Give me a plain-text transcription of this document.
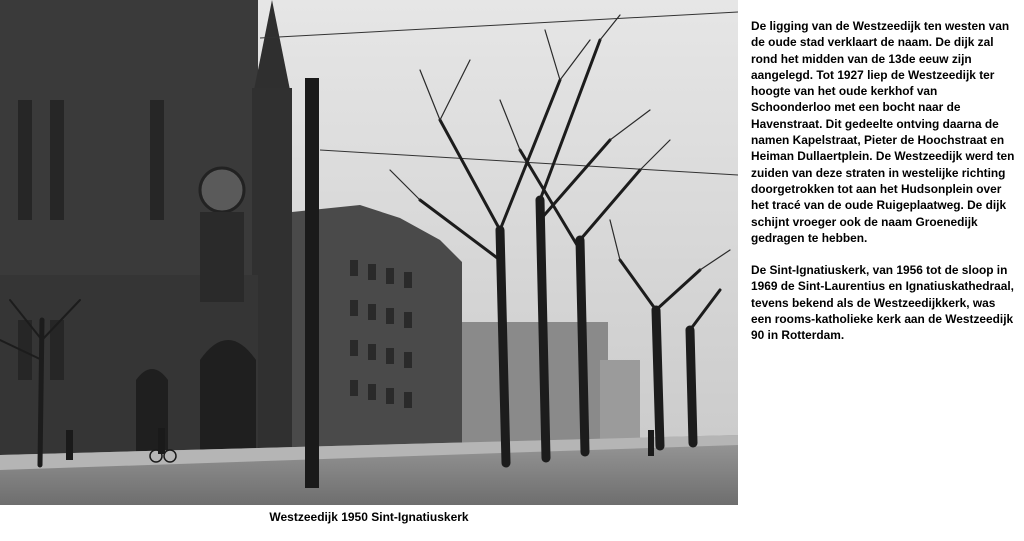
Westzeedijk 1950 Sint-Ignatiuskerk

De ligging van de Westzeedijk ten westen van de oude stad verklaart de naam. De dijk zal rond het midden van de 13de eeuw zijn aangelegd. Tot 1927 liep de Westzeedijk ter hoogte van het oude kerkhof van Schoonderloo met een bocht naar de Havenstraat. Dit gedeelte ontving daarna de namen Kapelstraat, Pieter de Hoochstraat en Heiman Dullaertplein. De Westzeedijk werd ten zuiden van deze straten in westelijke richting doorgetrokken tot aan het Hudsonplein over het tracé van de oude Ruigeplaatweg. De dijk schijnt vroeger ook de naam Groenedijk gedragen te hebben.

De Sint-Ignatiuskerk, van 1956 tot de sloop in 1969 de Sint-Laurentius en Ignatiuskathedraal, tevens bekend als de Westzeedijkkerk, was een rooms-katholieke kerk aan de Westzeedijk 90 in Rotterdam.
